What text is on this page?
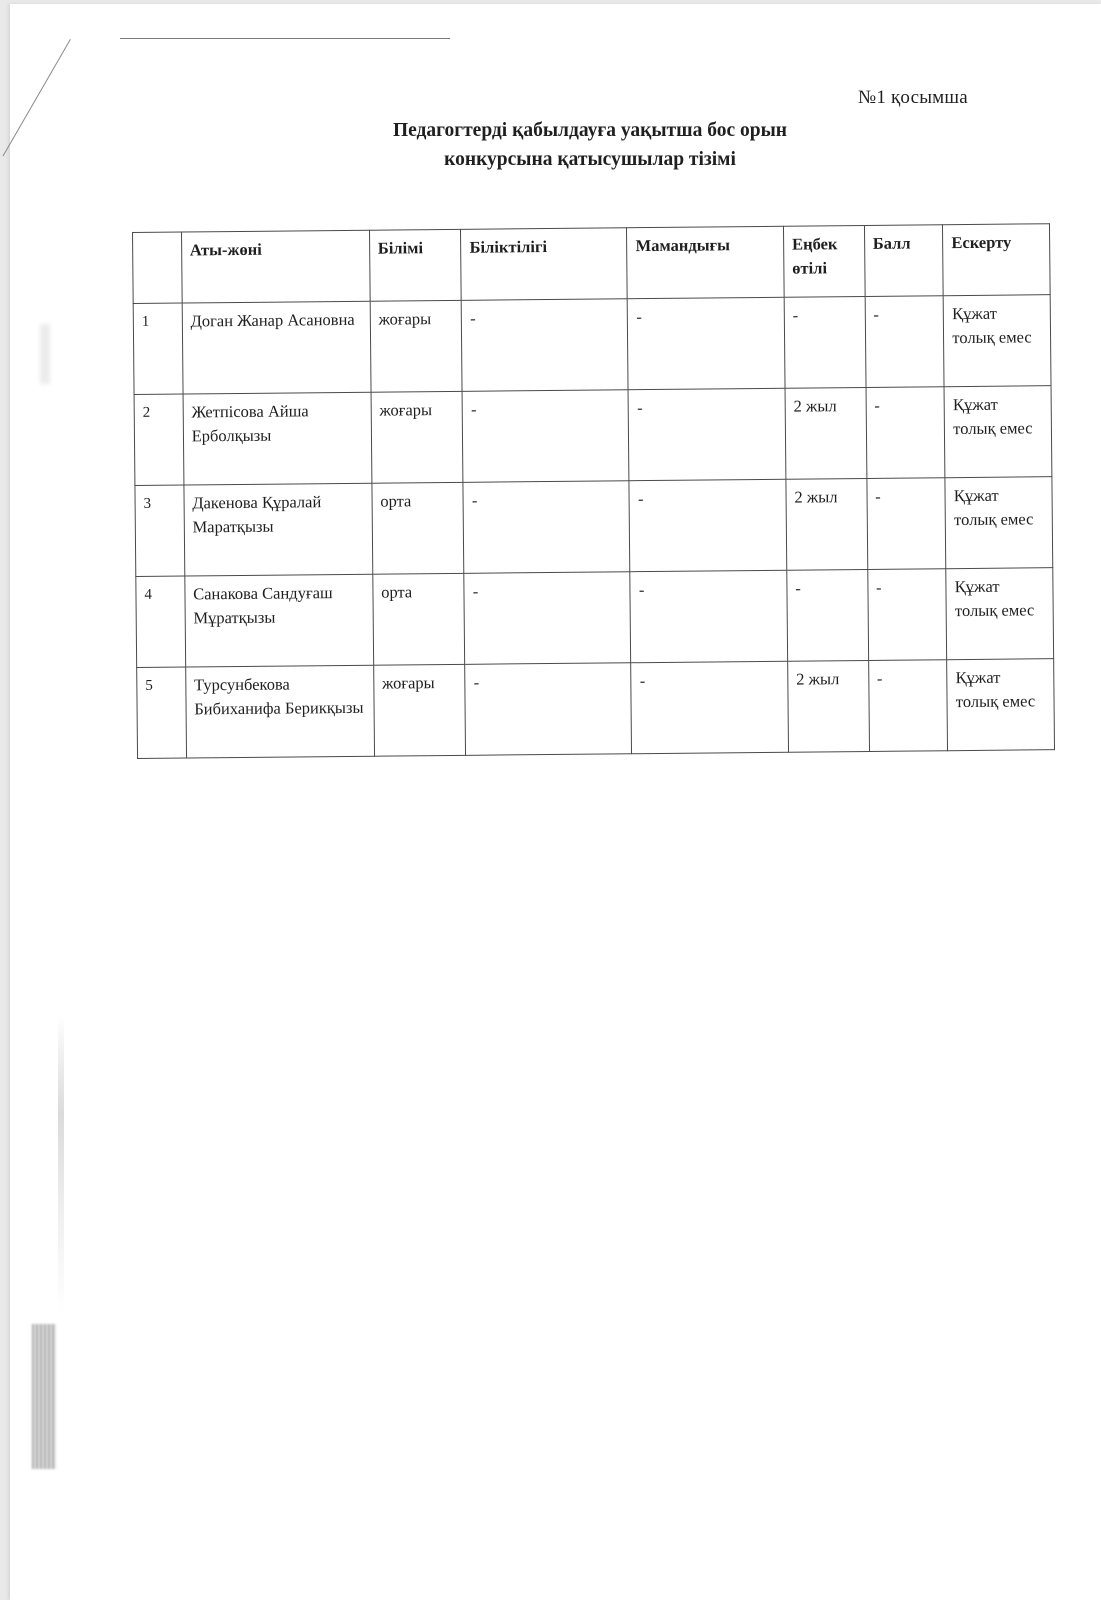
№1 қосымша
Педагогтерді қабылдауға уақытша бос орын
конкурсына қатысушылар тізімі
	Аты-жөні	Білімі	Біліктілігі	Мамандығы	Еңбек өтілі	Балл	Ескерту
1	Доган Жанар Асановна	жоғары	-	-	-	-	Құжат толық емес
2	Жетпісова Айша Ерболқызы	жоғары	-	-	2 жыл	-	Құжат толық емес
3	Дакенова Құралай Маратқызы	орта	-	-	2 жыл	-	Құжат толық емес
4	Санакова Сандуғаш Мұратқызы	орта	-	-	-	-	Құжат толық емес
5	Турсунбекова Бибиханифа Берикқызы	жоғары	-	-	2 жыл	-	Құжат толық емес
